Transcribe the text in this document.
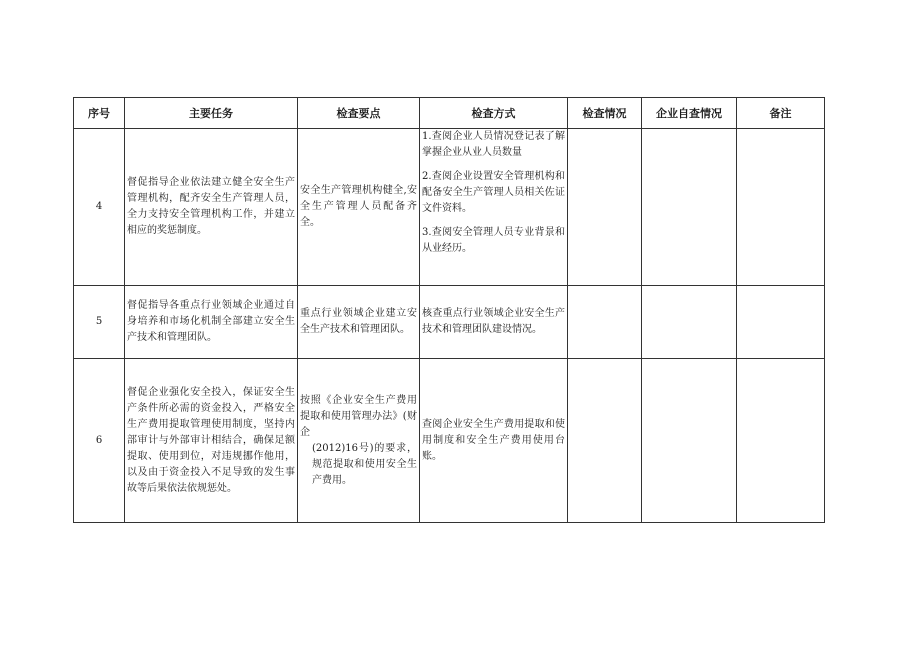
序号	主要任务	检查要点	检查方式	检查情况	企业自查情况	备注
4	督促指导企业依法建立健全安全生产管理机构，配齐安全生产管理人员，全力支持安全管理机构工作，并建立相应的奖惩制度。	安全生产管理机构健全,安全生产管理人员配备齐全。	1.查阅企业人员情况登记表了解掌握企业从业人员数量
2.查阅企业设置安全管理机构和配备安全生产管理人员相关佐证文件资料。
3.查阅安全管理人员专业背景和从业经历。			

5	督促指导各重点行业领域企业通过自身培养和市场化机制全部建立安全生产技术和管理团队。	重点行业领域企业建立安全生产技术和管理团队。	核查重点行业领域企业安全生产技术和管理团队建设情况。			

6	督促企业强化安全投入，保证安全生产条件所必需的资金投入，严格安全生产费用提取管理使用制度，坚持内部审计与外部审计相结合，确保足额提取、使用到位，对违规挪作他用，以及由于资金投入不足导致的发生事故等后果依法依规惩处。	按照《企业安全生产费用提取和使用管理办法》(财企
(2012)16号)的要求，规范提取和使用安全生产费用。	查阅企业安全生产费用提取和使用制度和安全生产费用使用台账。			
